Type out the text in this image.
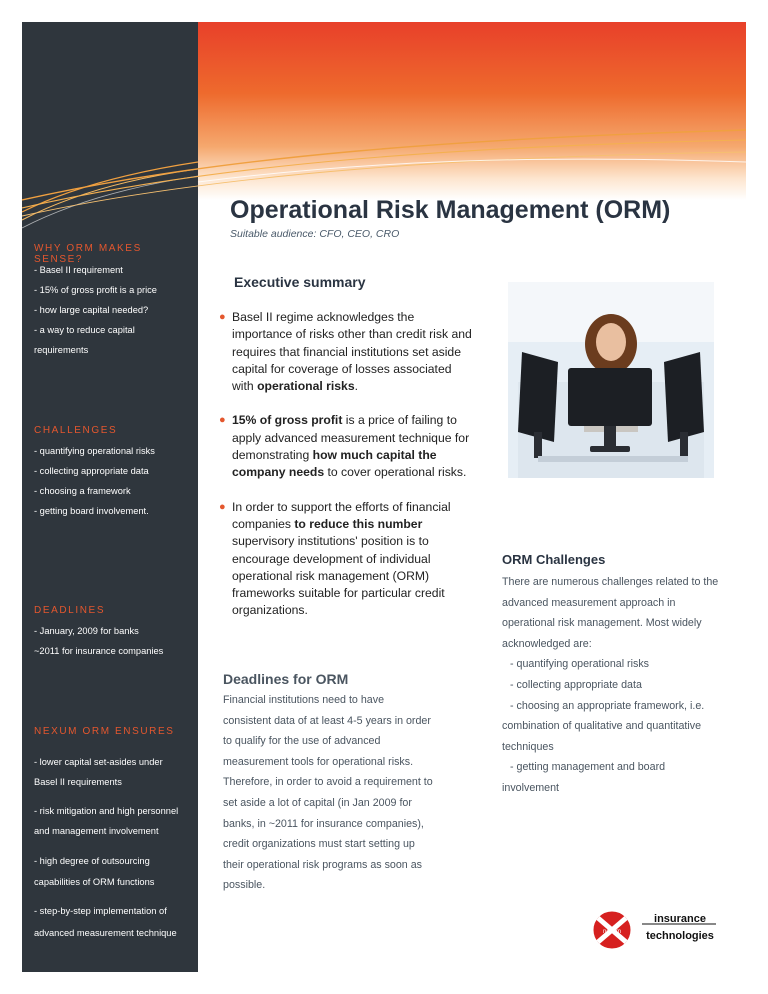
WHY ORM MAKES SENSE?

- Basel II requirement

- 15% of gross profit is a price

- how large capital needed?

- a way to reduce capital

requirements

CHALLENGES

- quantifying operational risks

- collecting appropriate data

- choosing a framework

- getting board involvement.

DEADLINES

- January, 2009 for banks

~2011 for insurance companies

NEXUM ORM ENSURES

- lower capital set-asides under

Basel II requirements

- risk mitigation and high personnel

and management involvement

- high degree of outsourcing

capabilities of ORM functions

- step-by-step implementation of

advanced measurement technique

Operational Risk Management (ORM)

Suitable audience: CFO, CEO, CRO

Executive summary
● Basel II regime acknowledges the importance of risks other than credit risk and requires that financial institutions set aside capital for coverage of losses associated with operational risks.
● 15% of gross profit is a price of failing to apply advanced measurement technique for demonstrating how much capital the company needs to cover operational risks.
● In order to support the efforts of financial companies to reduce this number supervisory institutions' position is to encourage development of individual operational risk management (ORM) frameworks suitable for particular credit organizations.
Deadlines for ORM

Financial institutions need to have

consistent data of at least 4-5 years in order

to qualify for the use of advanced

measurement tools for operational risks.

Therefore, in order to avoid a requirement to

set aside a lot of capital (in Jan 2009 for

banks, in ~2011 for insurance companies),

credit organizations must start setting up

their operational risk programs as soon as

possible.

ORM Challenges

There are numerous challenges related to the

advanced measurement approach in

operational risk management. Most widely

acknowledged are:

- quantifying operational risks

- collecting appropriate data

- choosing an appropriate framework, i.e.

combination of qualitative and quantitative

techniques

- getting management and board

involvement

nexum
insurance
technologies
